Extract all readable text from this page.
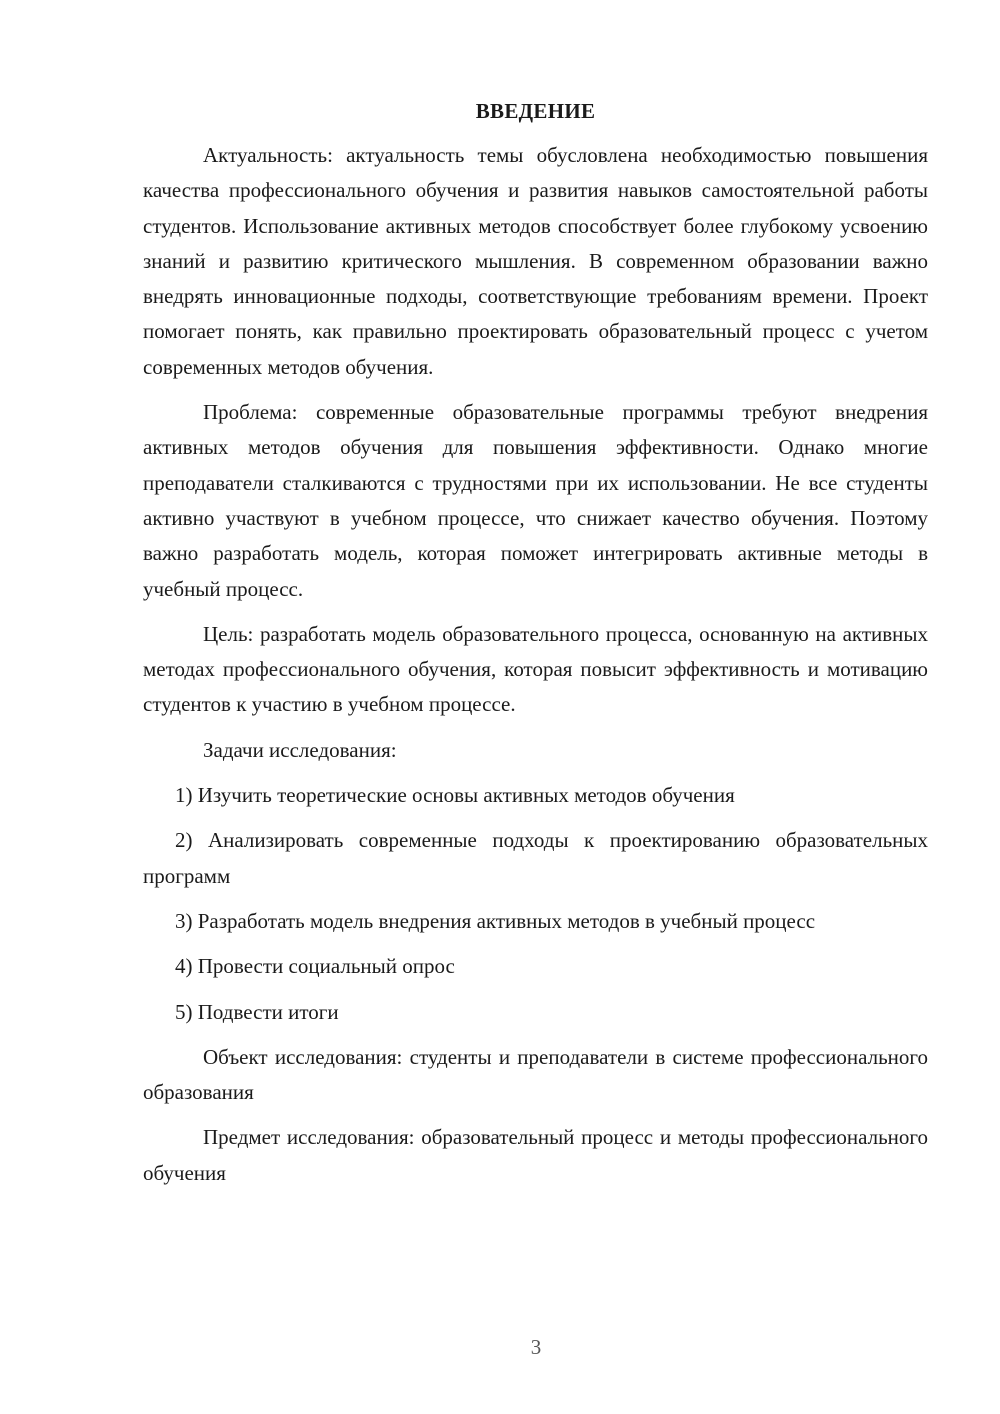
ВВЕДЕНИЕ

Актуальность: актуальность темы обусловлена необходимостью повышения качества профессионального обучения и развития навыков самостоятельной работы студентов. Использование активных методов способствует более глубокому усвоению знаний и развитию критического мышления. В современном образовании важно внедрять инновационные подходы, соответствующие требованиям времени. Проект помогает понять, как правильно проектировать образовательный процесс с учетом современных методов обучения.

Проблема: современные образовательные программы требуют внедрения активных методов обучения для повышения эффективности. Однако многие преподаватели сталкиваются с трудностями при их использовании. Не все студенты активно участвуют в учебном процессе, что снижает качество обучения. Поэтому важно разработать модель, которая поможет интегрировать активные методы в учебный процесс.

Цель: разработать модель образовательного процесса, основанную на активных методах профессионального обучения, которая повысит эффективность и мотивацию студентов к участию в учебном процессе.

Задачи исследования:

1) Изучить теоретические основы активных методов обучения

2) Анализировать современные подходы к проектированию образовательных программ

3) Разработать модель внедрения активных методов в учебный процесс

4) Провести социальный опрос

5) Подвести итоги

Объект исследования: студенты и преподаватели в системе профессионального образования

Предмет исследования: образовательный процесс и методы профессионального обучения

3
